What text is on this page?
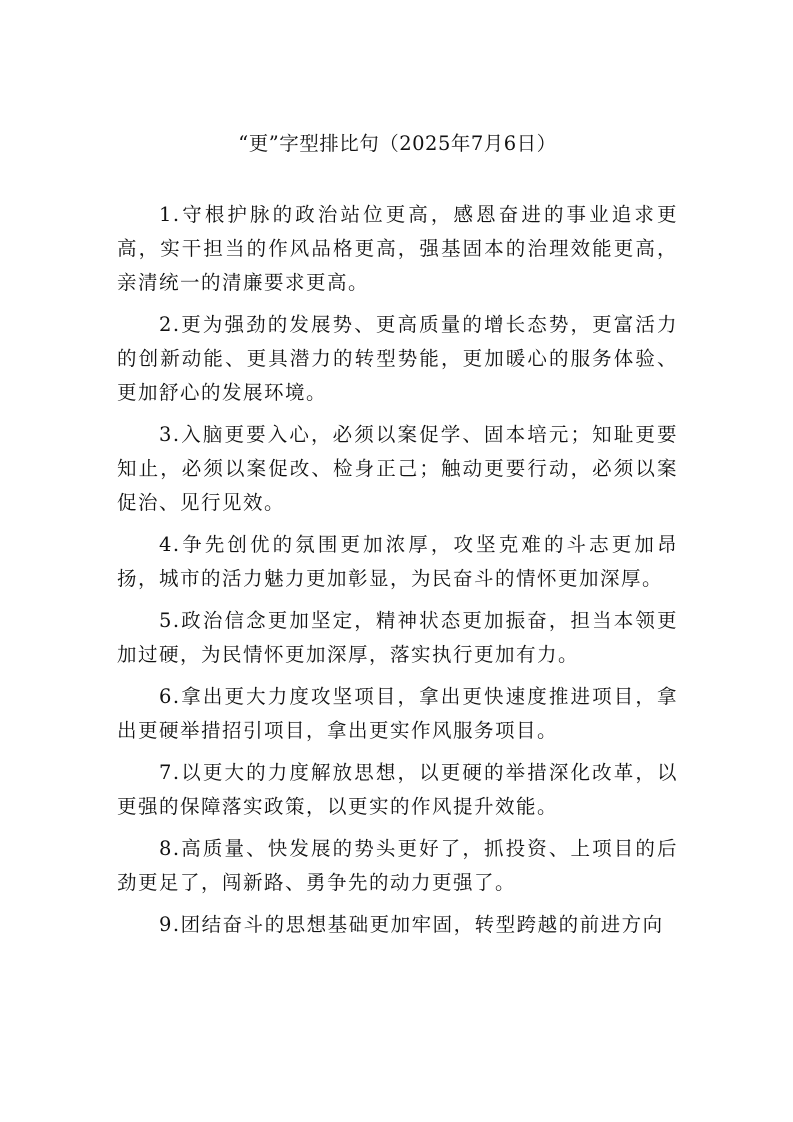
“更”字型排比句（2025年7月6日）

1.守根护脉的政治站位更高，感恩奋进的事业追求更高，实干担当的作风品格更高，强基固本的治理效能更高，亲清统一的清廉要求更高。

2.更为强劲的发展势、更高质量的增长态势，更富活力的创新动能、更具潜力的转型势能，更加暖心的服务体验、更加舒心的发展环境。

3.入脑更要入心，必须以案促学、固本培元；知耻更要知止，必须以案促改、检身正己；触动更要行动，必须以案促治、见行见效。

4.争先创优的氛围更加浓厚，攻坚克难的斗志更加昂扬，城市的活力魅力更加彰显，为民奋斗的情怀更加深厚。

5.政治信念更加坚定，精神状态更加振奋，担当本领更加过硬，为民情怀更加深厚，落实执行更加有力。

6.拿出更大力度攻坚项目，拿出更快速度推进项目，拿出更硬举措招引项目，拿出更实作风服务项目。

7.以更大的力度解放思想，以更硬的举措深化改革，以更强的保障落实政策，以更实的作风提升效能。

8.高质量、快发展的势头更好了，抓投资、上项目的后劲更足了，闯新路、勇争先的动力更强了。

9.团结奋斗的思想基础更加牢固，转型跨越的前进方向
